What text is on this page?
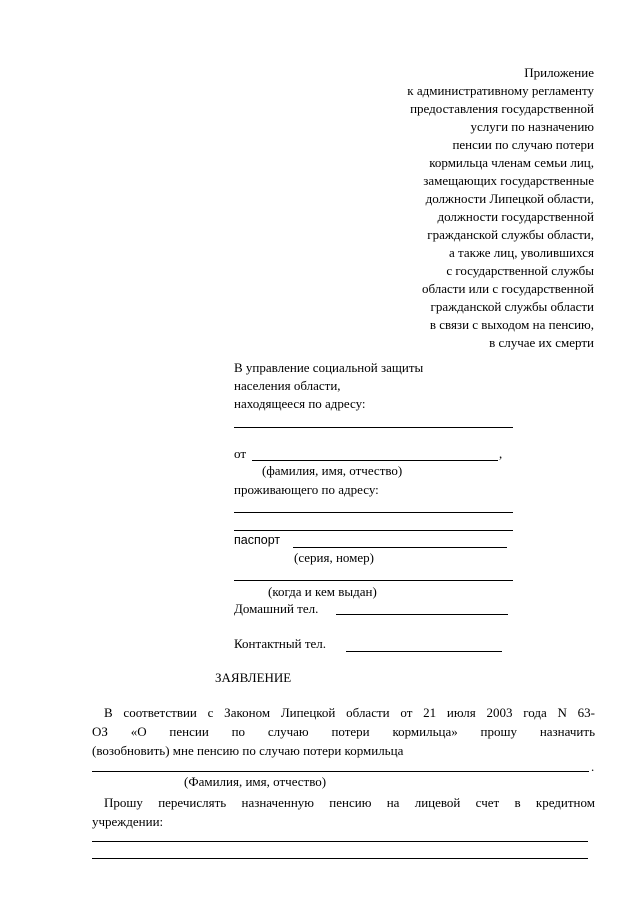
Приложение
к административному регламенту
предоставления государственной
услуги по назначению
пенсии по случаю потери
кормильца членам семьи лиц,
замещающих государственные
должности Липецкой области,
должности государственной
гражданской службы области,
а также лиц, уволившихся
с государственной службы
области или с государственной
гражданской службы области
в связи с выходом на пенсию,
в случае их смерти
В управление социальной защиты
населения области,
находящееся по адресу:
от	,
(фамилия, имя, отчество)
проживающего по адресу:
паспорт
(серия, номер)
(когда и кем выдан)
Домашний тел.
Контактный тел.
ЗАЯВЛЕНИЕ
В соответствии с Законом Липецкой области от 21 июля 2003 года N 63-
ОЗ «О пенсии по случаю потери кормильца» прошу назначить
(возобновить) мне пенсию по случаю потери кормильца
.
(Фамилия, имя, отчество)
Прошу перечислять назначенную пенсию на лицевой счет в кредитном
учреждении:
